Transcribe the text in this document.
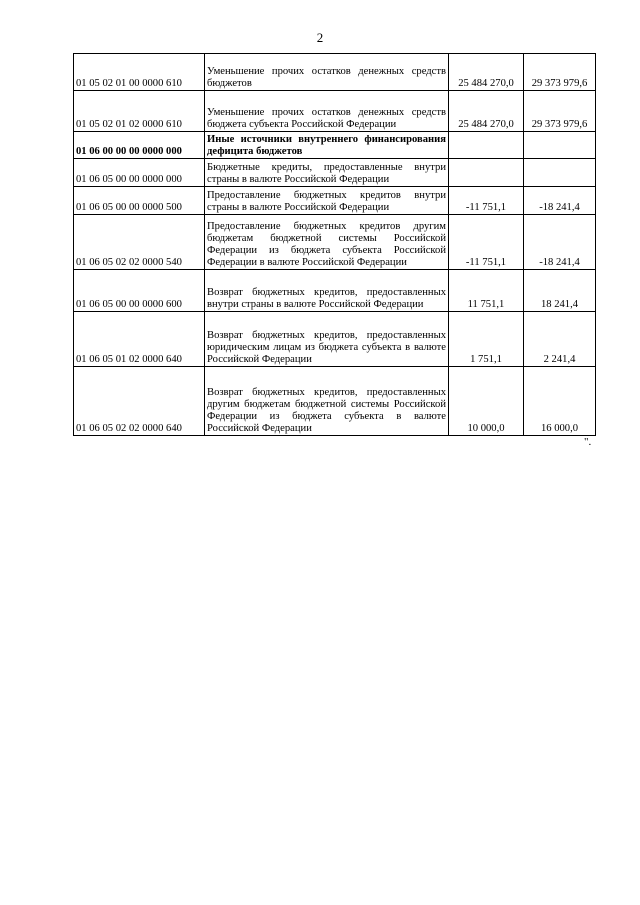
2
01 05 02 01 00 0000 610	Уменьшение прочих остатков денежных средств бюджетов	25 484 270,0	29 373 979,6
01 05 02 01 02 0000 610	Уменьшение прочих остатков денежных средств бюджета субъекта Российской Федерации	25 484 270,0	29 373 979,6
01 06 00 00 00 0000 000	Иные источники внутреннего финансирования дефицита бюджетов		
01 06 05 00 00 0000 000	Бюджетные кредиты, предоставленные внутри страны в валюте Российской Федерации		
01 06 05 00 00 0000 500	Предоставление бюджетных кредитов внутри страны в валюте Российской Федерации	-11 751,1	-18 241,4
01 06 05 02 02 0000 540	Предоставление бюджетных кредитов другим бюджетам бюджетной системы Российской Федерации из бюджета субъекта Российской Федерации в валюте Российской Федерации	-11 751,1	-18 241,4
01 06 05 00 00 0000 600	Возврат бюджетных кредитов, предоставленных внутри страны в валюте Российской Федерации	11 751,1	18 241,4
01 06 05 01 02 0000 640	Возврат бюджетных кредитов, предоставленных юридическим лицам из бюджета субъекта в валюте Российской Федерации	1 751,1	2 241,4
01 06 05 02 02 0000 640	Возврат бюджетных кредитов, предоставленных другим бюджетам бюджетной системы Российской Федерации из бюджета субъекта в валюте Российской Федерации	10 000,0	16 000,0
".
